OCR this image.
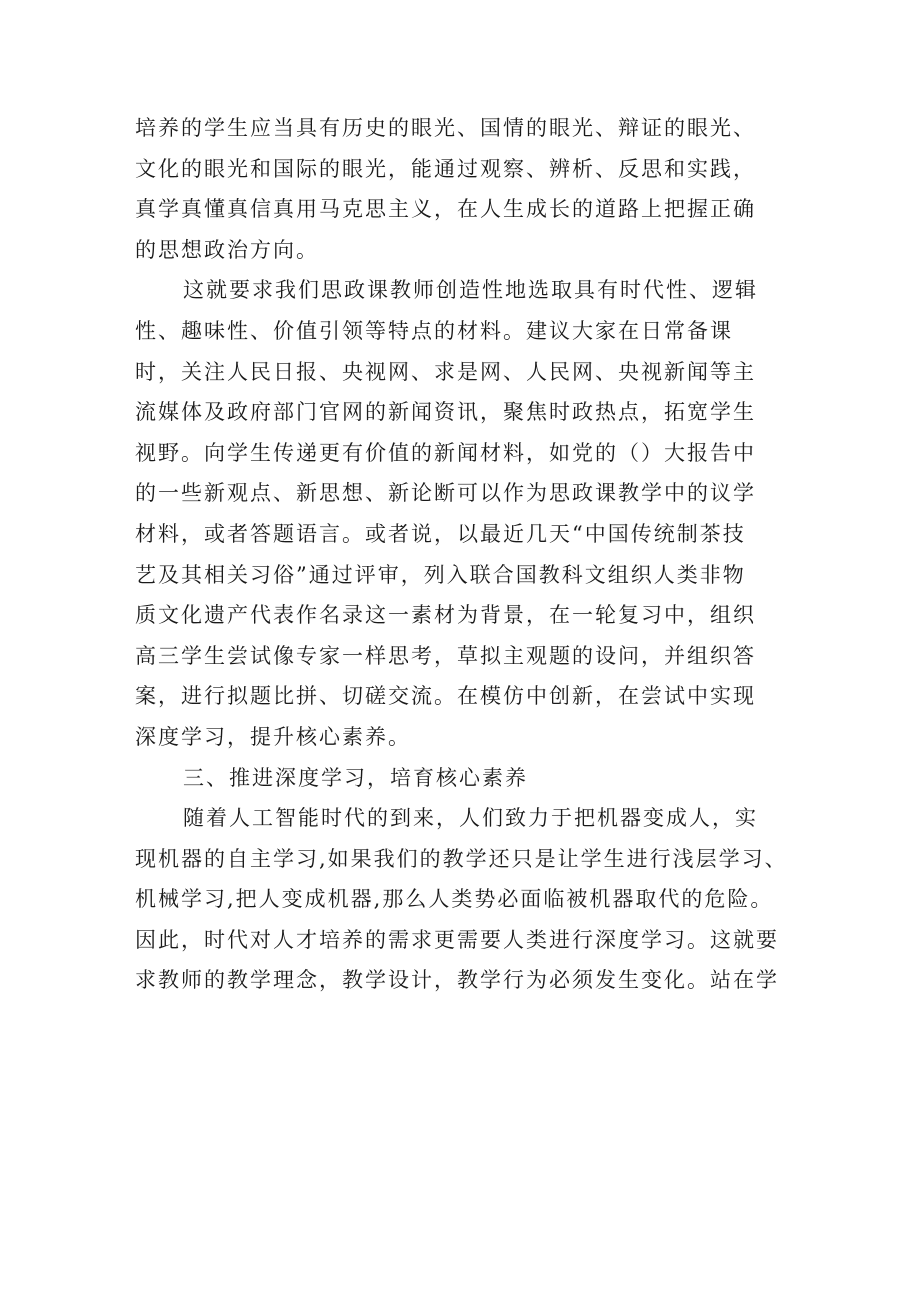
培养的学生应当具有历史的眼光、国情的眼光、辩证的眼光、
文化的眼光和国际的眼光，能通过观察、辨析、反思和实践，
真学真懂真信真用马克思主义，在人生成长的道路上把握正确
的思想政治方向。
这就要求我们思政课教师创造性地选取具有时代性、逻辑
性、趣味性、价值引领等特点的材料。建议大家在日常备课
时，关注人民日报、央视网、求是网、人民网、央视新闻等主
流媒体及政府部门官网的新闻资讯，聚焦时政热点，拓宽学生
视野。向学生传递更有价值的新闻材料，如党的（）大报告中
的一些新观点、新思想、新论断可以作为思政课教学中的议学
材料，或者答题语言。或者说，以最近几天“中国传统制茶技
艺及其相关习俗”通过评审，列入联合国教科文组织人类非物
质文化遗产代表作名录这一素材为背景，在一轮复习中，组织
高三学生尝试像专家一样思考，草拟主观题的设问，并组织答
案，进行拟题比拼、切磋交流。在模仿中创新，在尝试中实现
深度学习，提升核心素养。
三、推进深度学习，培育核心素养
随着人工智能时代的到来，人们致力于把机器变成人，实
现机器的自主学习,如果我们的教学还只是让学生进行浅层学习、
机械学习,把人变成机器,那么人类势必面临被机器取代的危险。
因此，时代对人才培养的需求更需要人类进行深度学习。这就要
求教师的教学理念，教学设计，教学行为必须发生变化。站在学
